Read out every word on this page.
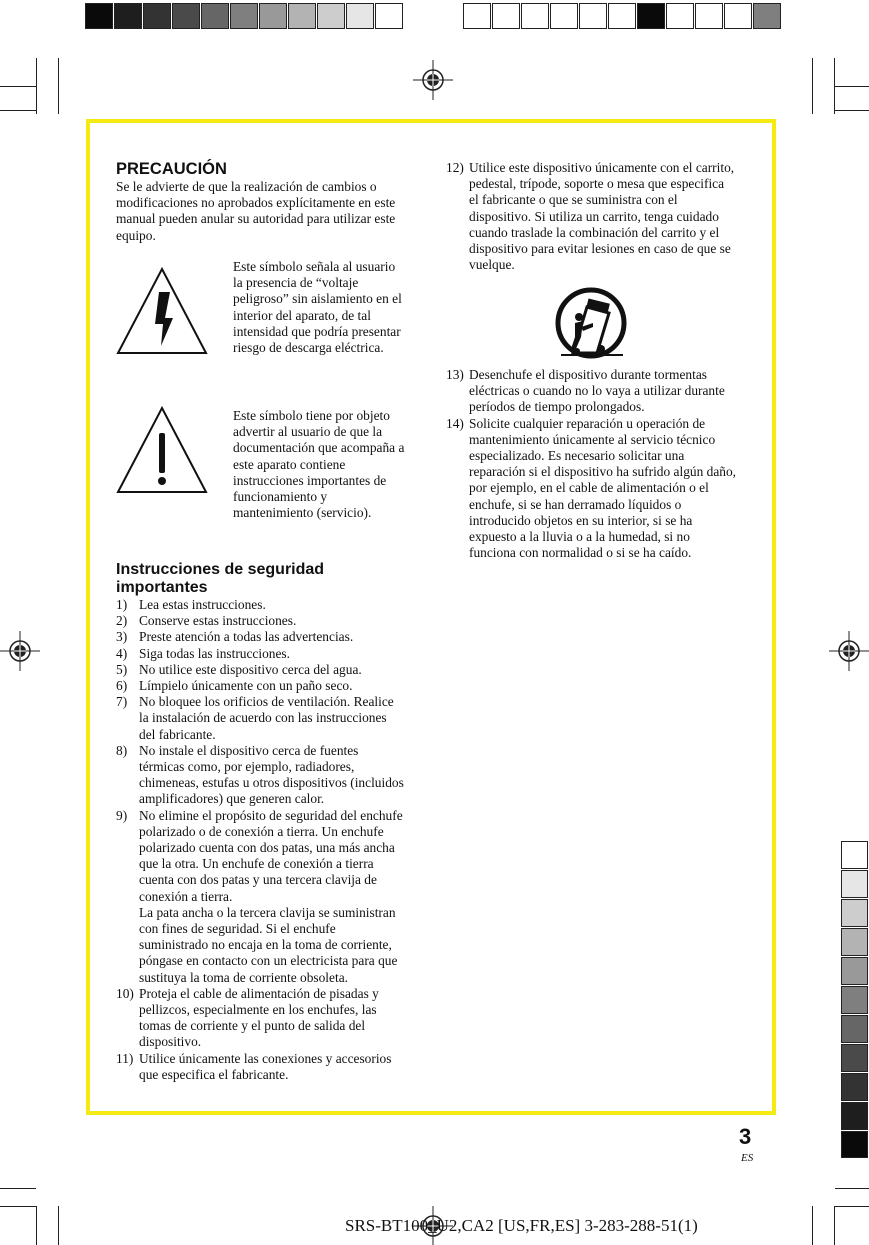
PRECAUCIÓN

Se le advierte de que la realización de cambios o modificaciones no aprobados explícitamente en este manual pueden anular su autoridad para utilizar este equipo.

Este símbolo señala al usuario la presencia de “voltaje peligroso” sin aislamiento en el interior del aparato, de tal intensidad que podría presentar riesgo de descarga eléctrica.
Este símbolo tiene por objeto advertir al usuario de que la documentación que acompaña a este aparato contiene instrucciones importantes de funcionamiento y mantenimiento (servicio).
Instrucciones de seguridad importantes
1) Lea estas instrucciones.
2) Conserve estas instrucciones.
3) Preste atención a todas las advertencias.
4) Siga todas las instrucciones.
5) No utilice este dispositivo cerca del agua.
6) Límpielo únicamente con un paño seco.
7) No bloquee los orificios de ventilación. Realice la instalación de acuerdo con las instrucciones del fabricante.
8) No instale el dispositivo cerca de fuentes térmicas como, por ejemplo, radiadores, chimeneas, estufas u otros dispositivos (incluidos amplificadores) que generen calor.
9) No elimine el propósito de seguridad del enchufe polarizado o de conexión a tierra. Un enchufe polarizado cuenta con dos patas, una más ancha que la otra. Un enchufe de conexión a tierra cuenta con dos patas y una tercera clavija de conexión a tierra.
La pata ancha o la tercera clavija se suministran con fines de seguridad. Si el enchufe suministrado no encaja en la toma de corriente, póngase en contacto con un electricista para que sustituya la toma de corriente obsoleta.
10) Proteja el cable de alimentación de pisadas y pellizcos, especialmente en los enchufes, las tomas de corriente y el punto de salida del dispositivo.
11) Utilice únicamente las conexiones y accesorios que especifica el fabricante.
12) Utilice este dispositivo únicamente con el carrito, pedestal, trípode, soporte o mesa que especifica el fabricante o que se suministra con el dispositivo. Si utiliza un carrito, tenga cuidado cuando traslade la combinación del carrito y el dispositivo para evitar lesiones en caso de que se vuelque.
13) Desenchufe el dispositivo durante tormentas eléctricas o cuando no lo vaya a utilizar durante períodos de tiempo prolongados.
14) Solicite cualquier reparación u operación de mantenimiento únicamente al servicio técnico especializado. Es necesario solicitar una reparación si el dispositivo ha sufrido algún daño, por ejemplo, en el cable de alimentación o el enchufe, si se han derramado líquidos o introducido objetos en su interior, si se ha expuesto a la lluvia o a la humedad, si no funciona con normalidad o si se ha caído.
3
ES
SRS-BT100_U2,CA2 [US,FR,ES] 3-283-288-51(1)
